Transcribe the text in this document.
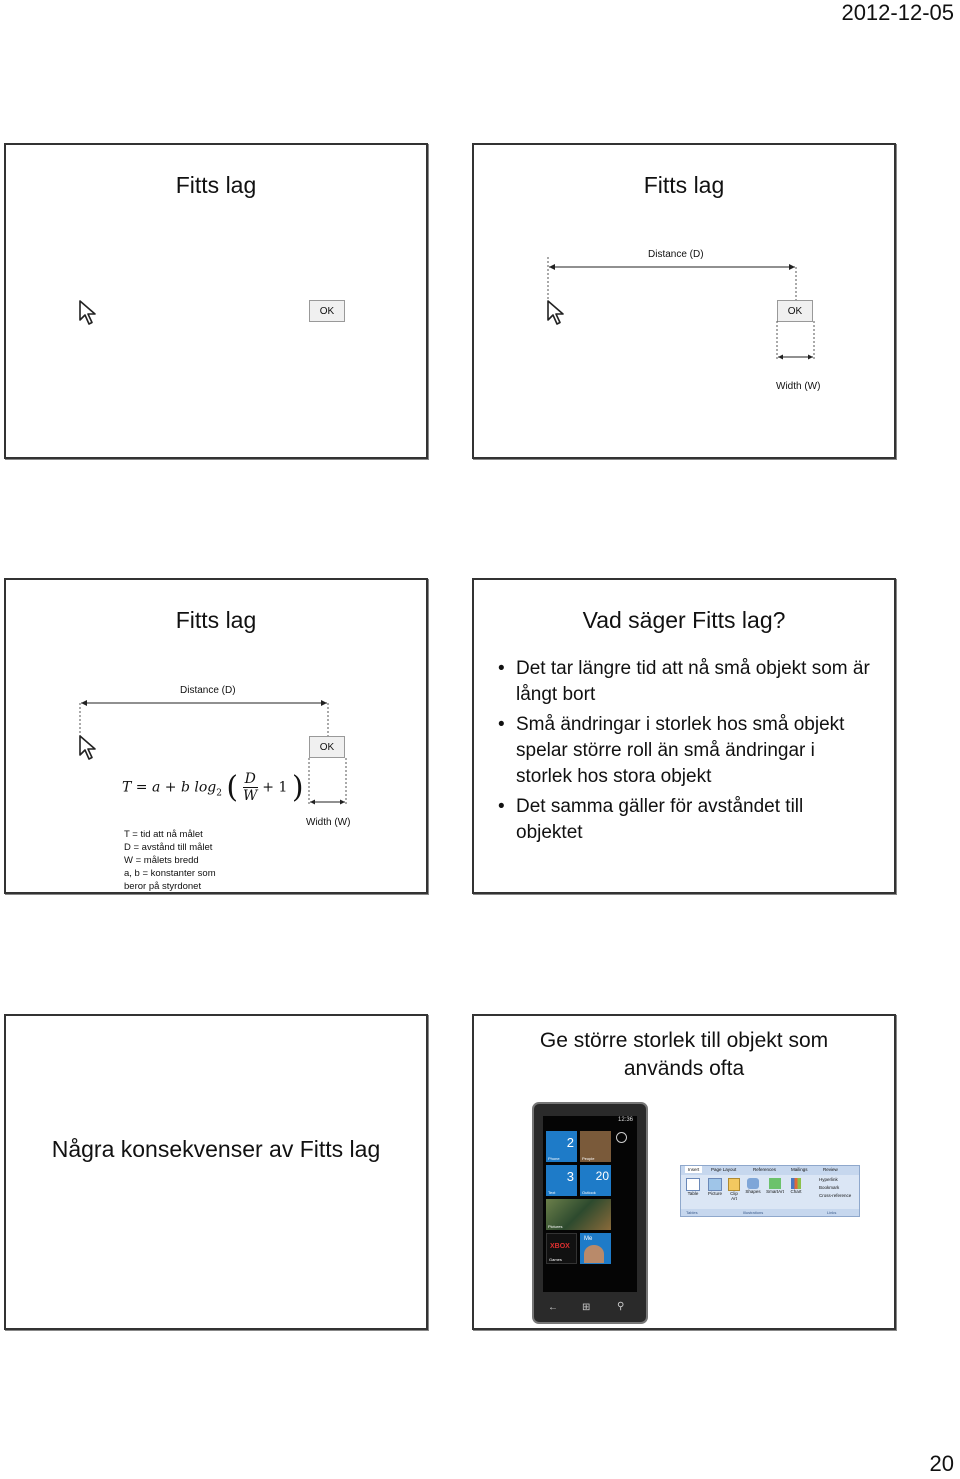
2012-12-05
Fitts lag
OK
Fitts lag
Distance (D)
OK
Width (W)
Fitts lag
Distance (D)
OK
Width (W)
T = a + b $\log_2$ ( $\frac{D}{W} + 1$ )
T = tid att nå målet
D = avstånd till målet
W = målets bredd
a, b = konstanter som
beror på styrdonet
Vad säger Fitts lag?
• Det tar längre tid att nå små objekt som är långt bort
• Små ändringar i storlek hos små objekt spelar större roll än små ändringar i storlek hos stora objekt
• Det samma gäller för avståndet till objektet
Några konsekvenser av Fitts lag
Ge större storlek till objekt som
används ofta
12:36
2
Phone	People
3
Text
20
Outlook
Pictures
XBOX
Games
Me
← ⊞	⚲
Insert	Page Layout	References	Mailings	Review
Table	Picture	Clip Art
Shapes SmartArt	Chart
Hyperlink
Bookmark
Cross-reference
Tables	Illustrations	Links
20
